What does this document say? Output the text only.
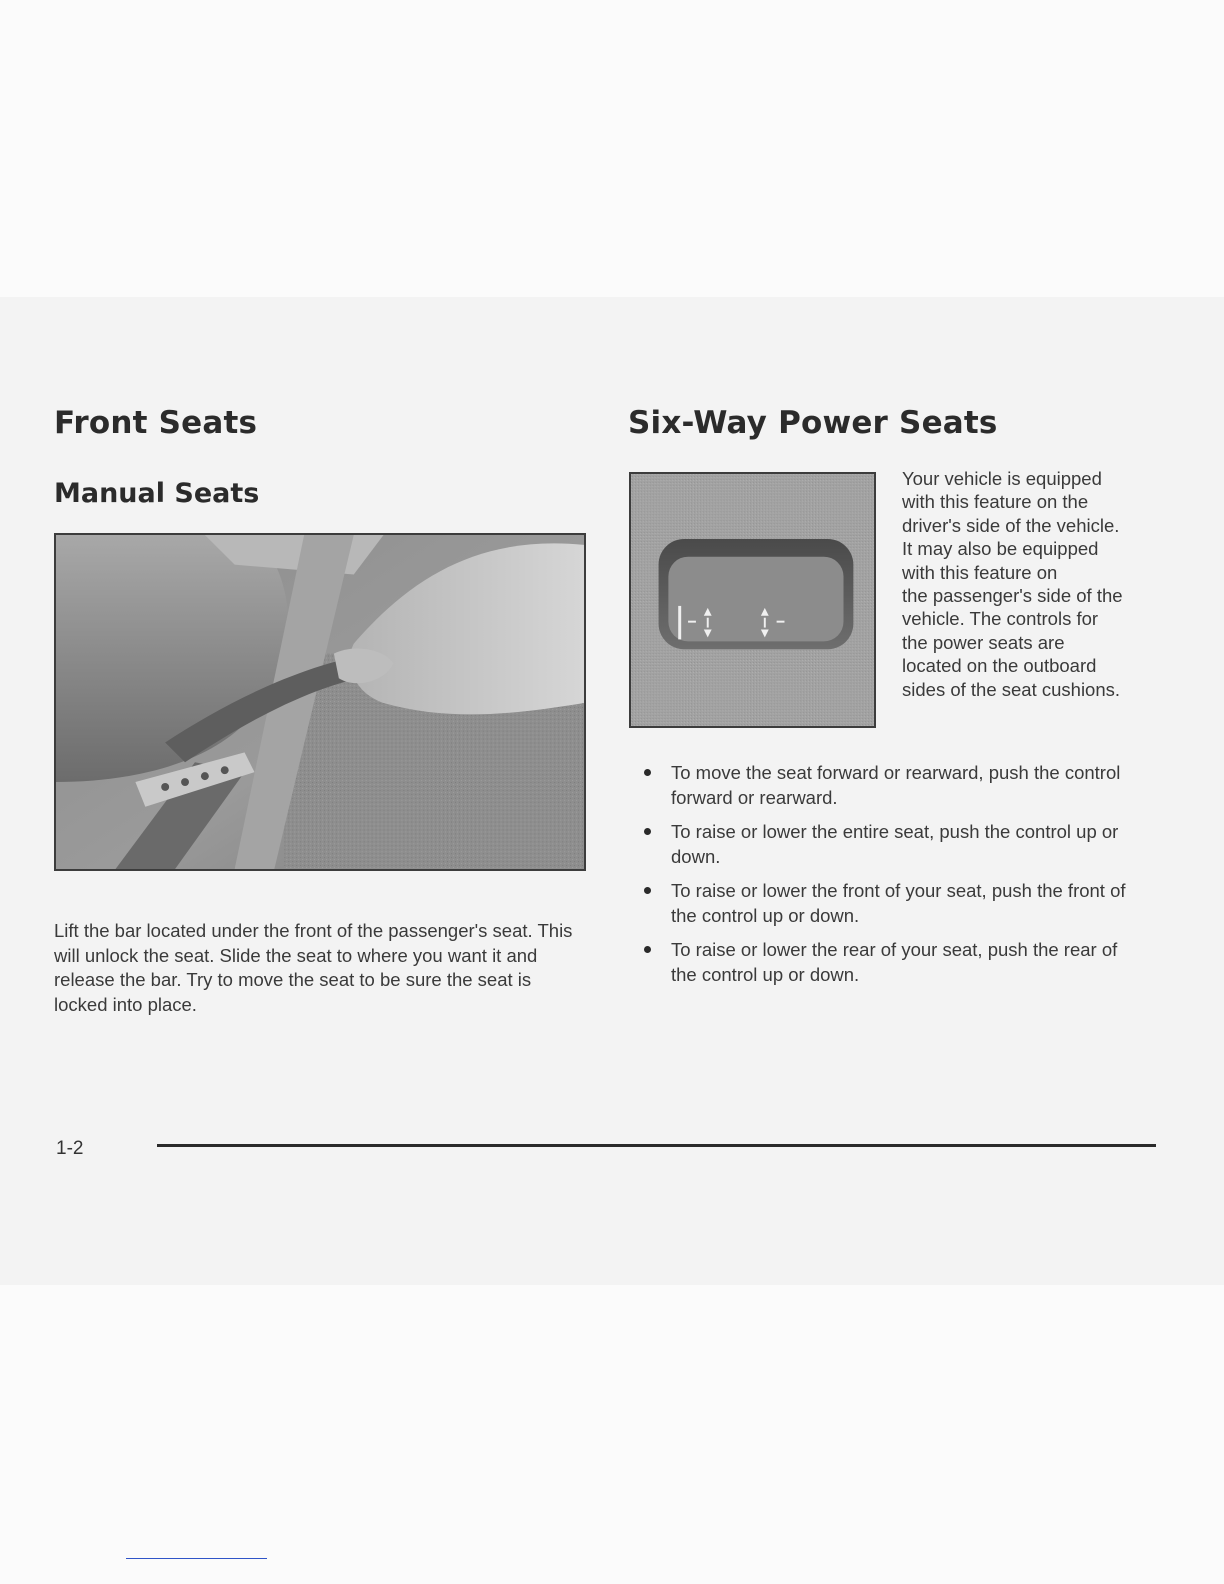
Front Seats
Manual Seats

Lift the bar located under the front of the passenger's seat. This will unlock the seat. Slide the seat to where you want it and release the bar. Try to move the seat to be sure the seat is locked into place.

Six-Way Power Seats

Your vehicle is equipped
with this feature on the
driver's side of the vehicle.
It may also be equipped
with this feature on
the passenger's side of the
vehicle. The controls for
the power seats are
located on the outboard
sides of the seat cushions.

To move the seat forward or rearward, push the control forward or rearward.
To raise or lower the entire seat, push the control up or down.
To raise or lower the front of your seat, push the front of the control up or down.
To raise or lower the rear of your seat, push the rear of the control up or down.
1-2
